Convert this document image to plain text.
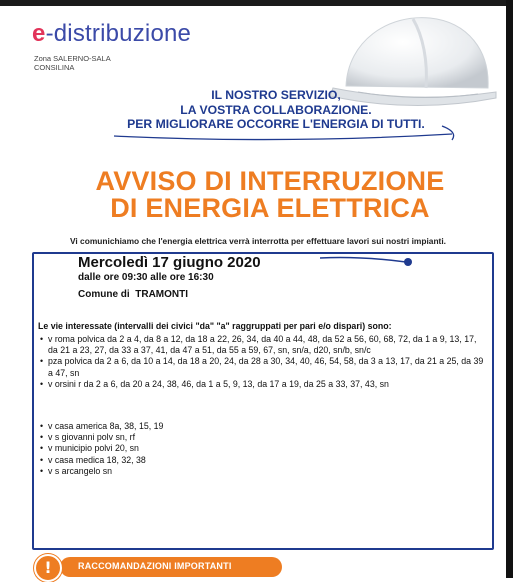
e-distribuzione
Zona SALERNO-SALA
CONSILINA
IL NOSTRO SERVIZIO,
LA VOSTRA COLLABORAZIONE.
PER MIGLIORARE OCCORRE L'ENERGIA DI TUTTI.
AVVISO DI INTERRUZIONE
DI ENERGIA ELETTRICA
Vi comunichiamo che l'energia elettrica verrà interrotta per effettuare lavori sui nostri impianti.
Mercoledì 17 giugno 2020
dalle ore 09:30 alle ore 16:30
Comune di TRAMONTI
Le vie interessate (intervalli dei civici "da" "a" raggruppati per pari e/o dispari) sono:
• v roma polvica da 2 a 4, da 8 a 12, da 18 a 22, 26, 34, da 40 a 44, 48, da 52 a 56, 60, 68, 72, da 1 a 9, 13, 17, da 21 a 23, 27, da 33 a 37, 41, da 47 a 51, da 55 a 59, 67, sn, sn/a, d20, sn/b, sn/c
• pza polvica da 2 a 6, da 10 a 14, da 18 a 20, 24, da 28 a 30, 34, 40, 46, 54, 58, da 3 a 13, 17, da 21 a 25, da 39 a 47, sn
• v orsini r da 2 a 6, da 20 a 24, 38, 46, da 1 a 5, 9, 13, da 17 a 19, da 25 a 33, 37, 43, sn
• v casa america 8a, 38, 15, 19
• v s giovanni polv sn, rf
• v municipio polvi 20, sn
• v casa medica 18, 32, 38
• v s arcangelo sn
RACCOMANDAZIONI IMPORTANTI
!
